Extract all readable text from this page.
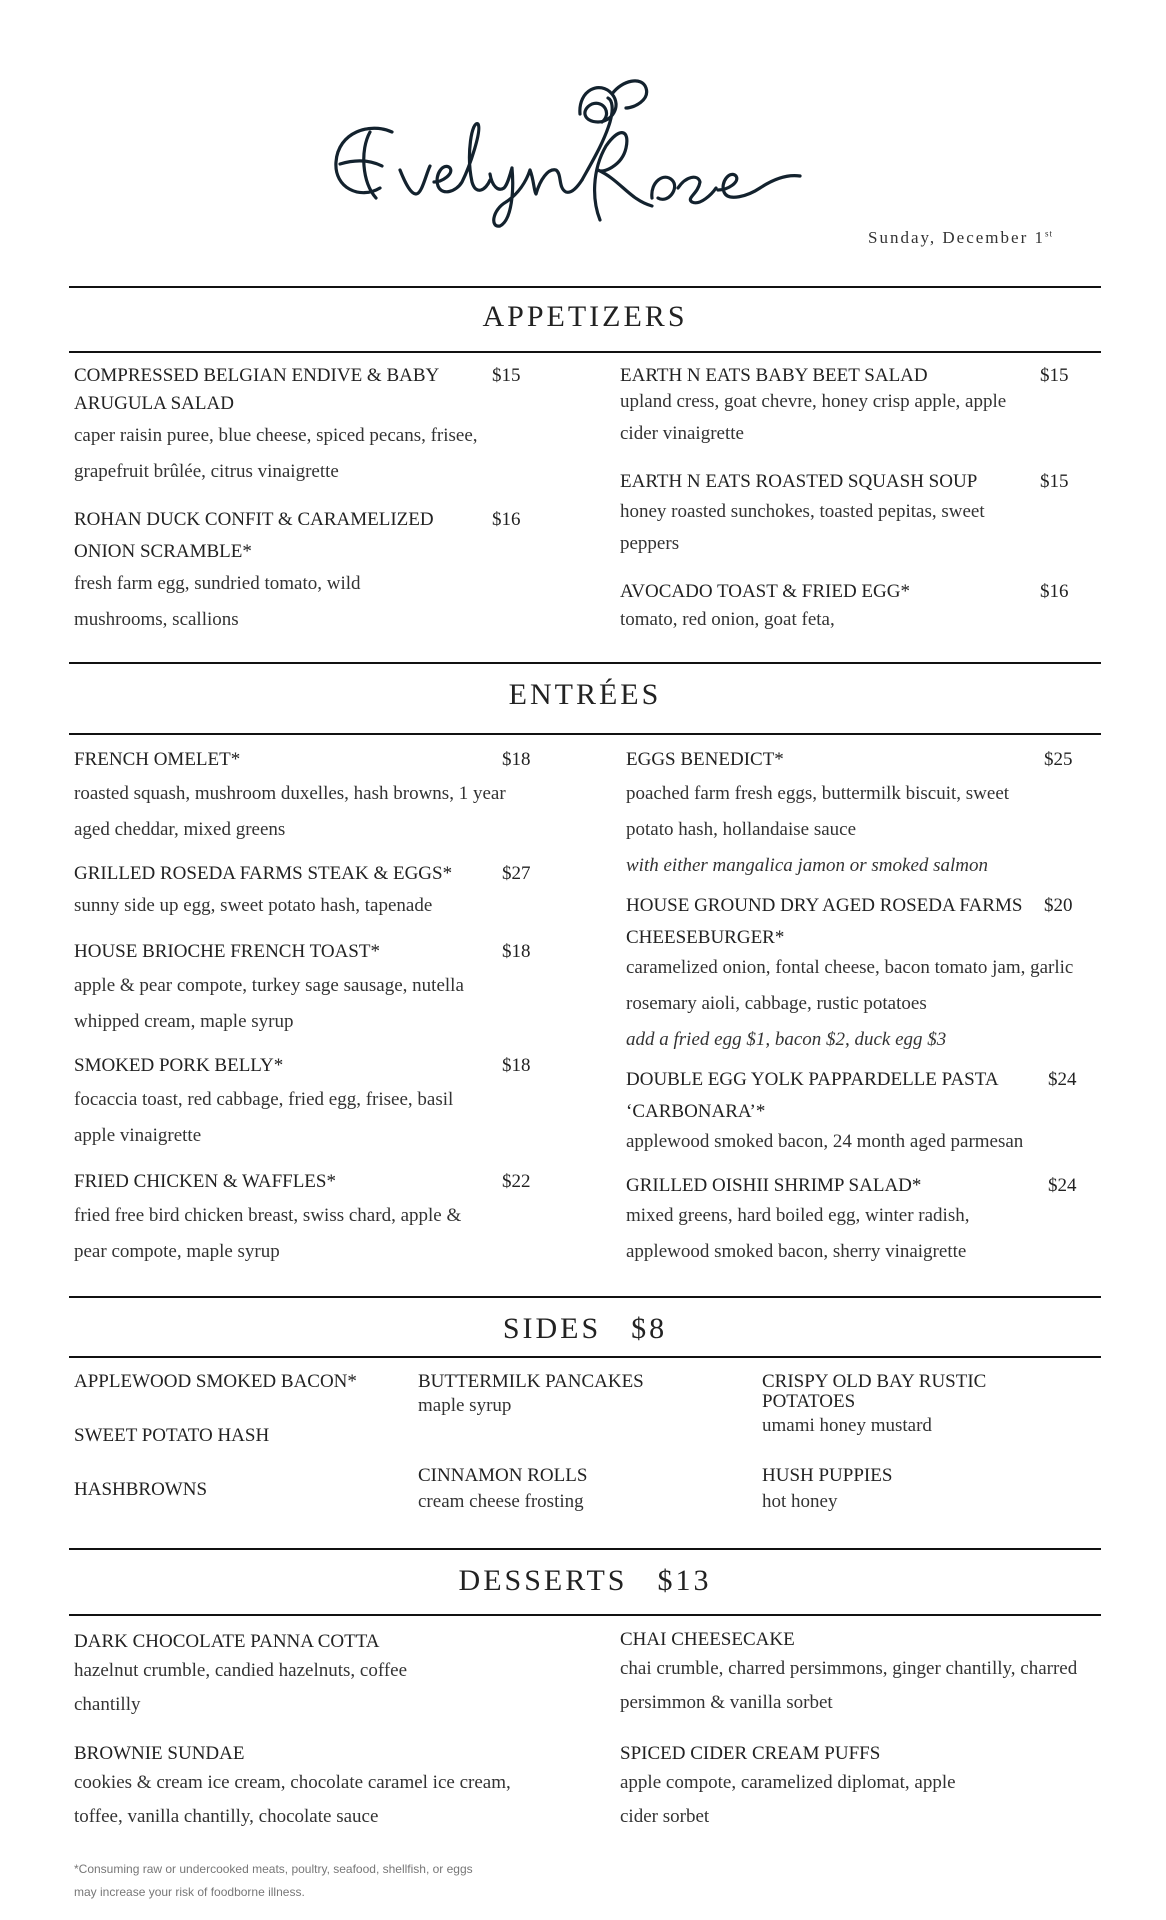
Sunday, December 1st
APPETIZERS
COMPRESSED BELGIAN ENDIVE & BABY ARUGULA SALAD
$15
caper raisin puree, blue cheese, spiced pecans, frisee, grapefruit brûlée, citrus vinaigrette
ROHAN DUCK CONFIT & CARAMELIZED ONION SCRAMBLE*
$16
fresh farm egg, sundried tomato, wild mushrooms, scallions
EARTH N EATS BABY BEET SALAD	$15
upland cress, goat chevre, honey crisp apple, apple cider vinaigrette
EARTH N EATS ROASTED SQUASH SOUP	$15
honey roasted sunchokes, toasted pepitas, sweet peppers
AVOCADO TOAST & FRIED EGG*	$16
tomato, red onion, goat feta,
ENTRÉES
FRENCH OMELET*	$18
roasted squash, mushroom duxelles, hash browns, 1 year aged cheddar, mixed greens
GRILLED ROSEDA FARMS STEAK & EGGS*	$27
sunny side up egg, sweet potato hash, tapenade
HOUSE BRIOCHE FRENCH TOAST*	$18
apple & pear compote, turkey sage sausage, nutella whipped cream, maple syrup
SMOKED PORK BELLY*	$18
focaccia toast, red cabbage, fried egg, frisee, basil apple vinaigrette
FRIED CHICKEN & WAFFLES*	$22
fried free bird chicken breast, swiss chard, apple & pear compote, maple syrup
EGGS BENEDICT*	$25
poached farm fresh eggs, buttermilk biscuit, sweet potato hash, hollandaise sauce
with either mangalica jamon or smoked salmon
HOUSE GROUND DRY AGED ROSEDA FARMS CHEESEBURGER*
$20
caramelized onion, fontal cheese, bacon tomato jam, garlic rosemary aioli, cabbage, rustic potatoes
add a fried egg $1, bacon $2, duck egg $3
DOUBLE EGG YOLK PAPPARDELLE PASTA ‘CARBONARA’*
$24
applewood smoked bacon, 24 month aged parmesan
GRILLED OISHII SHRIMP SALAD*	$24
mixed greens, hard boiled egg, winter radish, applewood smoked bacon, sherry vinaigrette
SIDES $8
APPLEWOOD SMOKED BACON*
SWEET POTATO HASH
HASHBROWNS
BUTTERMILK PANCAKES
maple syrup
CINNAMON ROLLS
cream cheese frosting
CRISPY OLD BAY RUSTIC POTATOES
umami honey mustard
HUSH PUPPIES
hot honey
DESSERTS $13
DARK CHOCOLATE PANNA COTTA
hazelnut crumble, candied hazelnuts, coffee chantilly
BROWNIE SUNDAE
cookies & cream ice cream, chocolate caramel ice cream, toffee, vanilla chantilly, chocolate sauce
CHAI CHEESECAKE
chai crumble, charred persimmons, ginger chantilly, charred persimmon & vanilla sorbet
SPICED CIDER CREAM PUFFS
apple compote, caramelized diplomat, apple cider sorbet
*Consuming raw or undercooked meats, poultry, seafood, shellfish, or eggs may increase your risk of foodborne illness.
